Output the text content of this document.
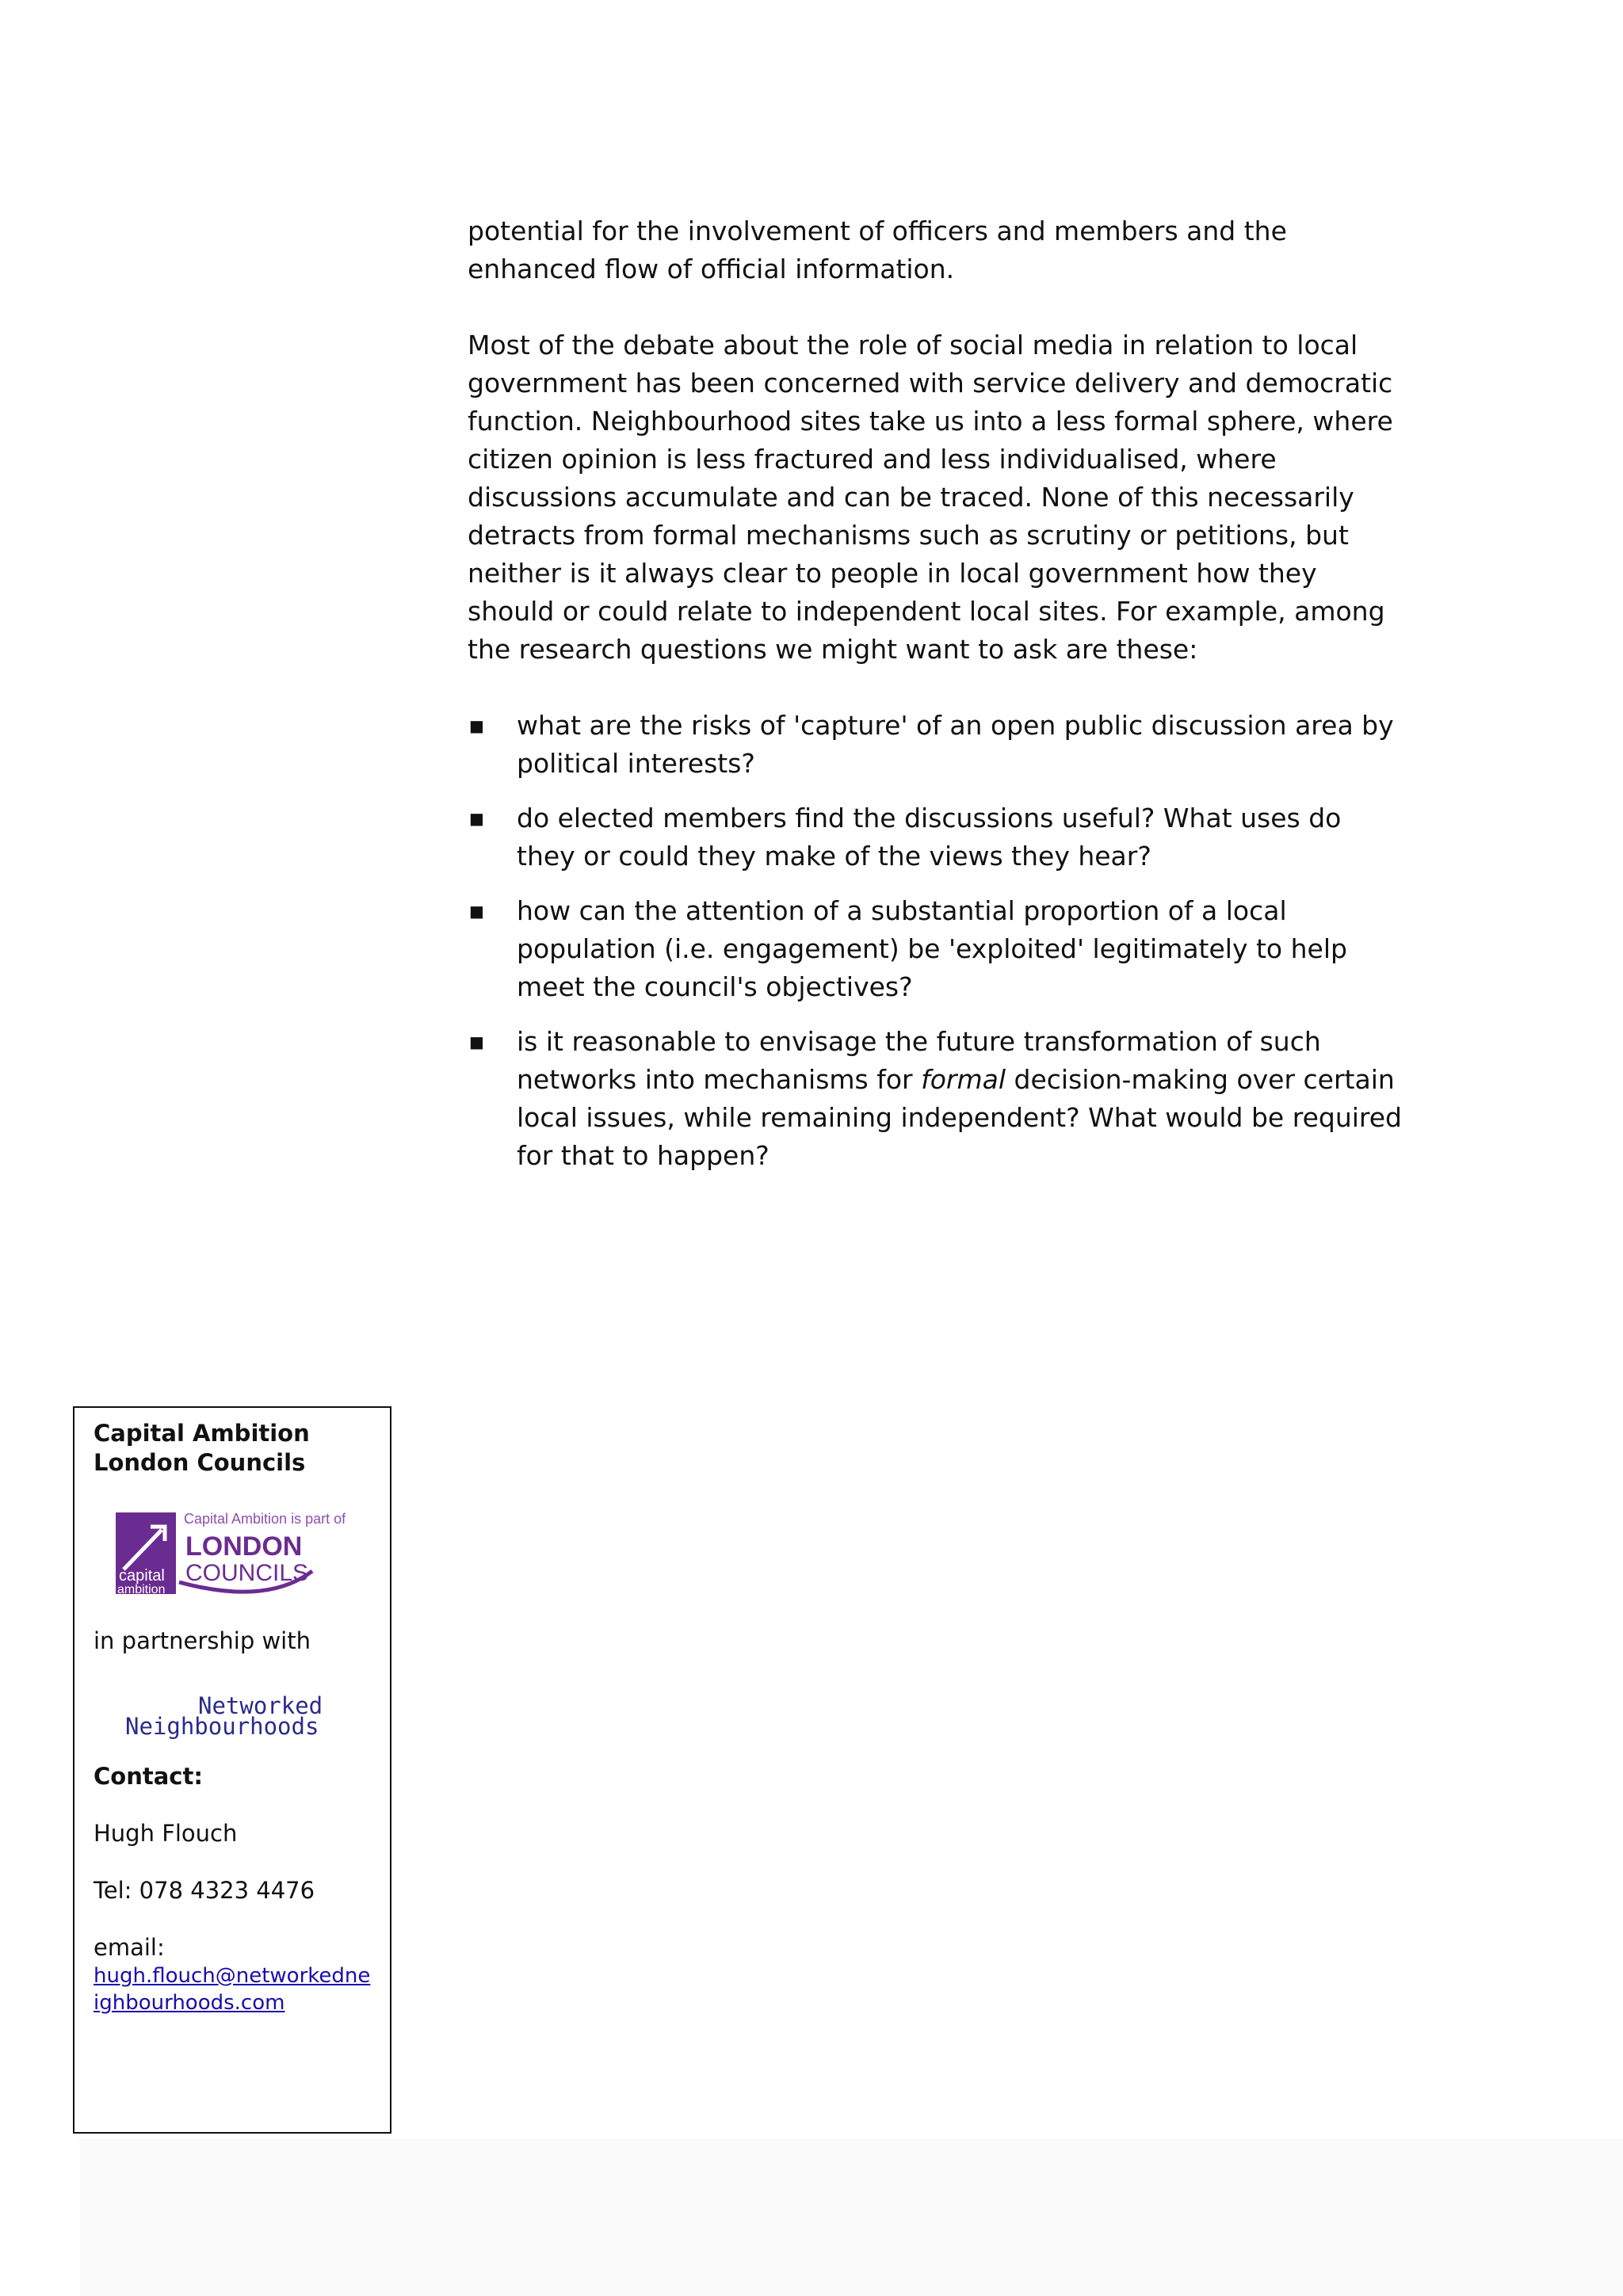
potential for the involvement of officers and members and the enhanced flow of official information.

Most of the debate about the role of social media in relation to local government has been concerned with service delivery and democratic function. Neighbourhood sites take us into a less formal sphere, where citizen opinion is less fractured and less individualised, where discussions accumulate and can be traced. None of this necessarily detracts from formal mechanisms such as scrutiny or petitions, but neither is it always clear to people in local government how they should or could relate to independent local sites. For example, among the research questions we might want to ask are these:

■ what are the risks of 'capture' of an open public discussion area by political interests?
■ do elected members find the discussions useful? What uses do they or could they make of the views they hear?
■ how can the attention of a substantial proportion of a local population (i.e. engagement) be 'exploited' legitimately to help meet the council's objectives?
■ is it reasonable to envisage the future transformation of such networks into mechanisms for formal decision-making over certain local issues, while remaining independent? What would be required for that to happen?
Capital Ambition
London Councils
capital
ambition
Capital Ambition is part of
LONDON
COUNCILS
in partnership with
Networked
Neighbourhoods
Contact:
Hugh Flouch
Tel: 078 4323 4476
email:
hugh.flouch@networkedneighbourhoods.com
